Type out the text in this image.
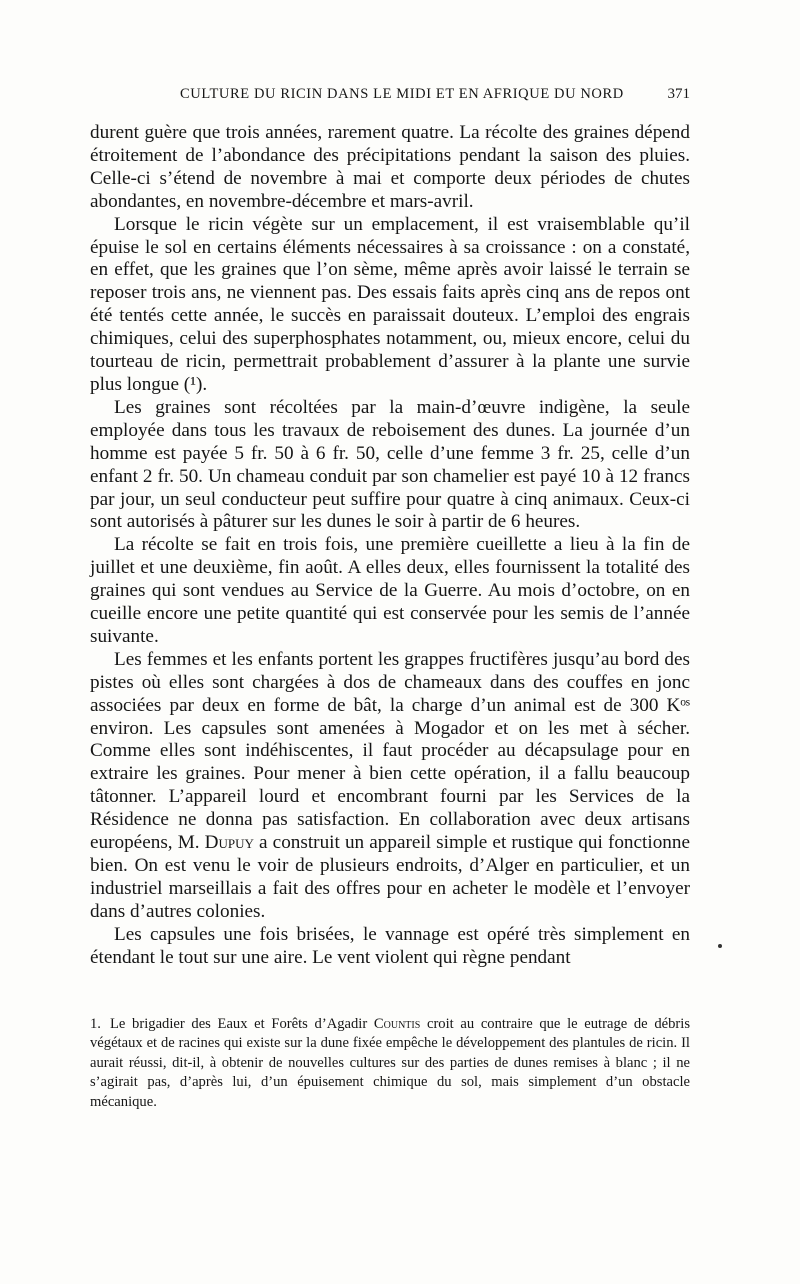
CULTURE DU RICIN DANS LE MIDI ET EN AFRIQUE DU NORD	371

durent guère que trois années, rarement quatre. La récolte des graines dépend étroitement de l’abondance des précipitations pendant la saison des pluies. Celle-ci s’étend de novembre à mai et comporte deux périodes de chutes abondantes, en novembre-décembre et mars-avril.

Lorsque le ricin végète sur un emplacement, il est vraisemblable qu’il épuise le sol en certains éléments nécessaires à sa croissance : on a constaté, en effet, que les graines que l’on sème, même après avoir laissé le terrain se reposer trois ans, ne viennent pas. Des essais faits après cinq ans de repos ont été tentés cette année, le succès en paraissait douteux. L’emploi des engrais chimiques, celui des superphosphates notamment, ou, mieux encore, celui du tourteau de ricin, permettrait probablement d’assurer à la plante une survie plus longue (¹).

Les graines sont récoltées par la main-d’œuvre indigène, la seule employée dans tous les travaux de reboisement des dunes. La journée d’un homme est payée 5 fr. 50 à 6 fr. 50, celle d’une femme 3 fr. 25, celle d’un enfant 2 fr. 50. Un chameau conduit par son chamelier est payé 10 à 12 francs par jour, un seul conducteur peut suffire pour quatre à cinq animaux. Ceux-ci sont autorisés à pâturer sur les dunes le soir à partir de 6 heures.

La récolte se fait en trois fois, une première cueillette a lieu à la fin de juillet et une deuxième, fin août. A elles deux, elles fournissent la totalité des graines qui sont vendues au Service de la Guerre. Au mois d’octobre, on en cueille encore une petite quantité qui est conservée pour les semis de l’année suivante.

Les femmes et les enfants portent les grappes fructifères jusqu’au bord des pistes où elles sont chargées à dos de chameaux dans des couffes en jonc associées par deux en forme de bât, la charge d’un animal est de 300 Kᵒˢ environ. Les capsules sont amenées à Mogador et on les met à sécher. Comme elles sont indéhiscentes, il faut procéder au décapsulage pour en extraire les graines. Pour mener à bien cette opération, il a fallu beaucoup tâtonner. L’appareil lourd et encombrant fourni par les Services de la Résidence ne donna pas satisfaction. En collaboration avec deux artisans européens, M. Dupuy a construit un appareil simple et rustique qui fonctionne bien. On est venu le voir de plusieurs endroits, d’Alger en particulier, et un industriel marseillais a fait des offres pour en acheter le modèle et l’envoyer dans d’autres colonies.

Les capsules une fois brisées, le vannage est opéré très simplement en étendant le tout sur une aire. Le vent violent qui règne pendant

1. Le brigadier des Eaux et Forêts d’Agadir Countis croit au contraire que le eutrage de débris végétaux et de racines qui existe sur la dune fixée empêche le développement des plantules de ricin. Il aurait réussi, dit-il, à obtenir de nouvelles cultures sur des parties de dunes remises à blanc ; il ne s’agirait pas, d’après lui, d’un épuisement chimique du sol, mais simplement d’un obstacle mécanique.
